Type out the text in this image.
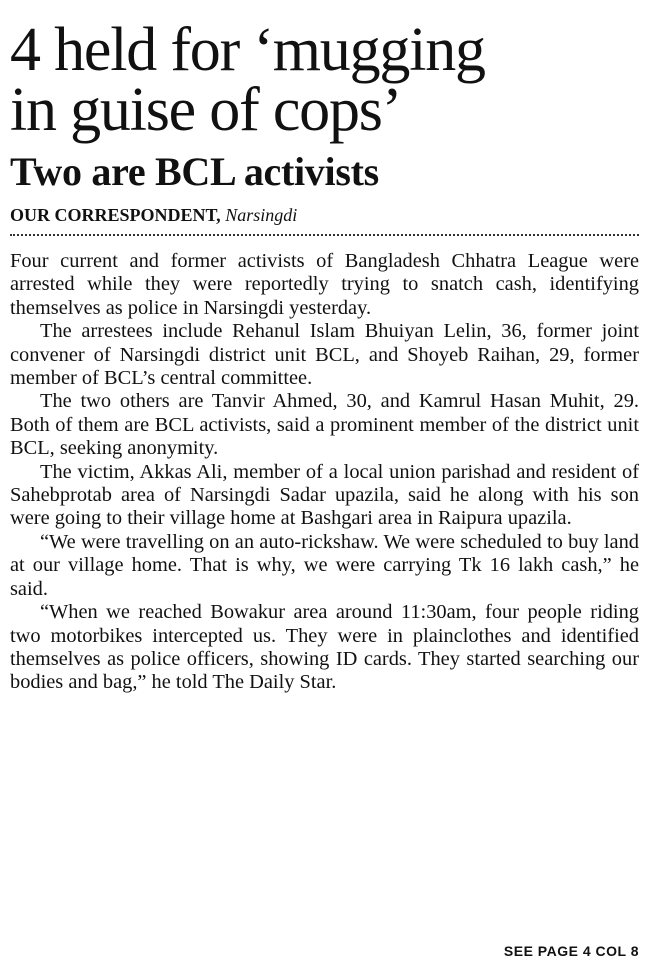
4 held for ‘mugging
in guise of cops’
Two are BCL activists
OUR CORRESPONDENT, Narsingdi

Four current and former activists of Bangladesh Chhatra League were arrested while they were reportedly trying to snatch cash, identifying themselves as police in Narsingdi yesterday.

The arrestees include Rehanul Islam Bhuiyan Lelin, 36, former joint convener of Narsingdi district unit BCL, and Shoyeb Raihan, 29, former member of BCL’s central committee.

The two others are Tanvir Ahmed, 30, and Kamrul Hasan Muhit, 29. Both of them are BCL activists, said a prominent member of the district unit BCL, seeking anonymity.

The victim, Akkas Ali, member of a local union parishad and resident of Sahebprotab area of Narsingdi Sadar upazila, said he along with his son were going to their village home at Bashgari area in Raipura upazila.

“We were travelling on an auto-rickshaw. We were scheduled to buy land at our village home. That is why, we were carrying Tk 16 lakh cash,” he said.

“When we reached Bowakur area around 11:30am, four people riding two motorbikes intercepted us. They were in plainclothes and identified themselves as police officers, showing ID cards. They started searching our bodies and bag,” he told The Daily Star.

SEE PAGE 4 COL 8
